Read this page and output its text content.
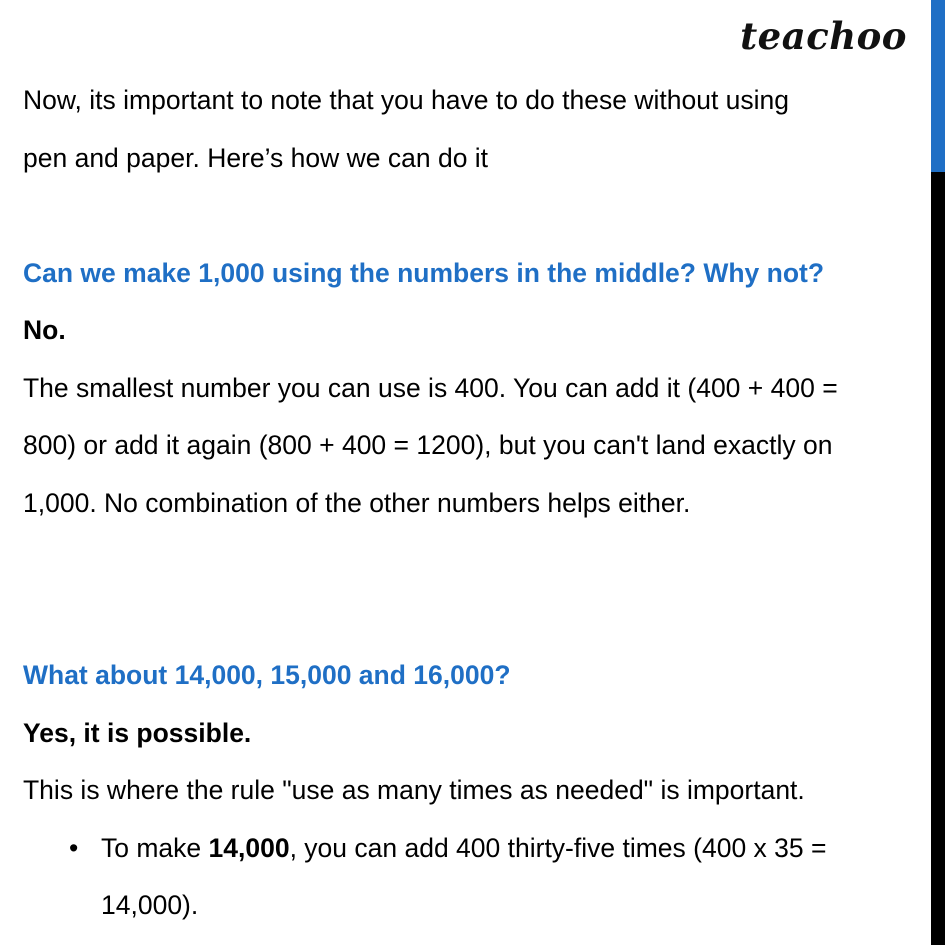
teachoo
Now, its important to note that you have to do these without using
pen and paper. Here’s how we can do it
Can we make 1,000 using the numbers in the middle? Why not?
No.
The smallest number you can use is 400. You can add it (400 + 400 =
800) or add it again (800 + 400 = 1200), but you can't land exactly on
1,000. No combination of the other numbers helps either.
What about 14,000, 15,000 and 16,000?
Yes, it is possible.
This is where the rule "use as many times as needed" is important.
• To make 14,000, you can add 400 thirty-five times (400 x 35 =
14,000).
